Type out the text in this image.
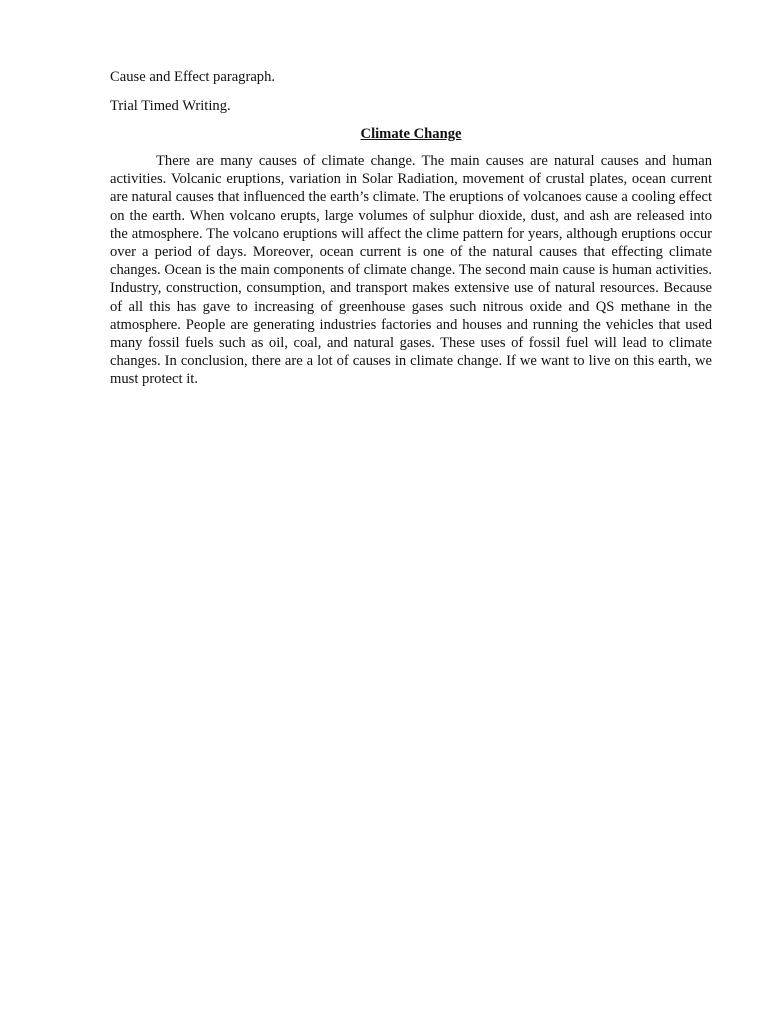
Cause and Effect paragraph.
Trial Timed Writing.
Climate Change

There are many causes of climate change. The main causes are natural causes and human activities. Volcanic eruptions, variation in Solar Radiation, movement of crustal plates, ocean current are natural causes that influenced the earth’s climate. The eruptions of volcanoes cause a cooling effect on the earth. When volcano erupts, large volumes of sulphur dioxide, dust, and ash are released into the atmosphere. The volcano eruptions will affect the clime pattern for years, although eruptions occur over a period of days. Moreover, ocean current is one of the natural causes that effecting climate changes. Ocean is the main components of climate change. The second main cause is human activities. Industry, construction, consumption, and transport makes extensive use of natural resources. Because of all this has gave to increasing of greenhouse gases such nitrous oxide and QS methane in the atmosphere. People are generating industries factories and houses and running the vehicles that used many fossil fuels such as oil, coal, and natural gases. These uses of fossil fuel will lead to climate changes. In conclusion, there are a lot of causes in climate change. If we want to live on this earth, we must protect it.
